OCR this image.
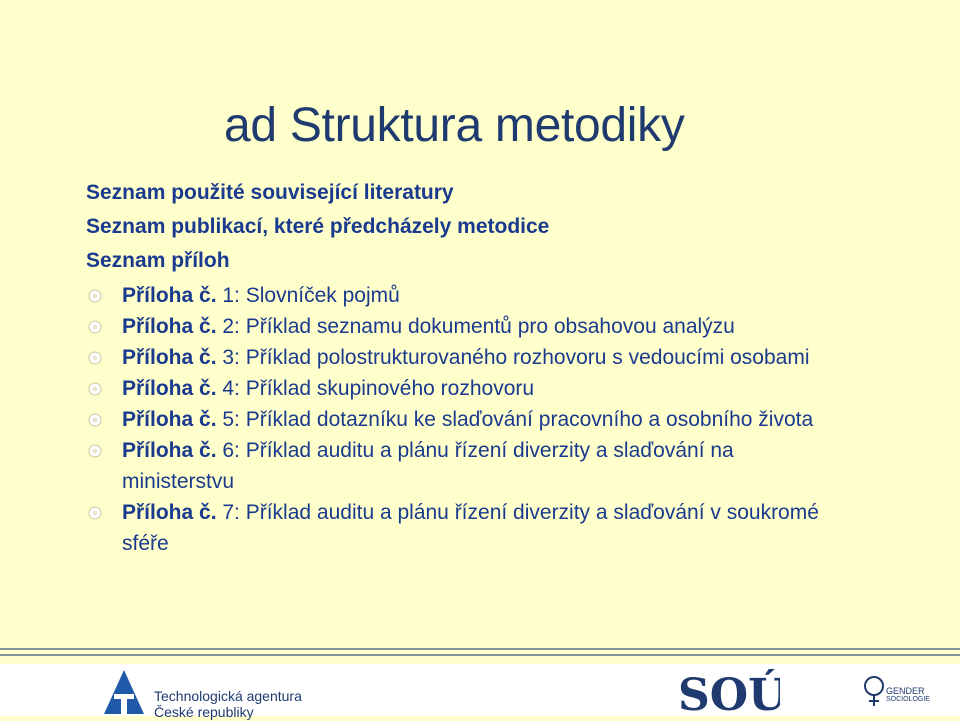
ad Struktura metodiky
Seznam použité související literatury
Seznam publikací, které předcházely metodice
Seznam příloh
Příloha č. 1: Slovníček pojmů
Příloha č. 2: Příklad seznamu dokumentů pro obsahovou analýzu
Příloha č. 3: Příklad polostrukturovaného rozhovoru s vedoucími osobami
Příloha č. 4: Příklad skupinového rozhovoru
Příloha č. 5: Příklad dotazníku ke slaďování pracovního a osobního života
Příloha č. 6: Příklad auditu a plánu řízení diverzity a slaďování na ministerstvu
Příloha č. 7: Příklad auditu a plánu řízení diverzity a slaďování v soukromé sféře
Technologická agentura
České republiky	SOÚ	GENDER
SOCIOLOGIE
